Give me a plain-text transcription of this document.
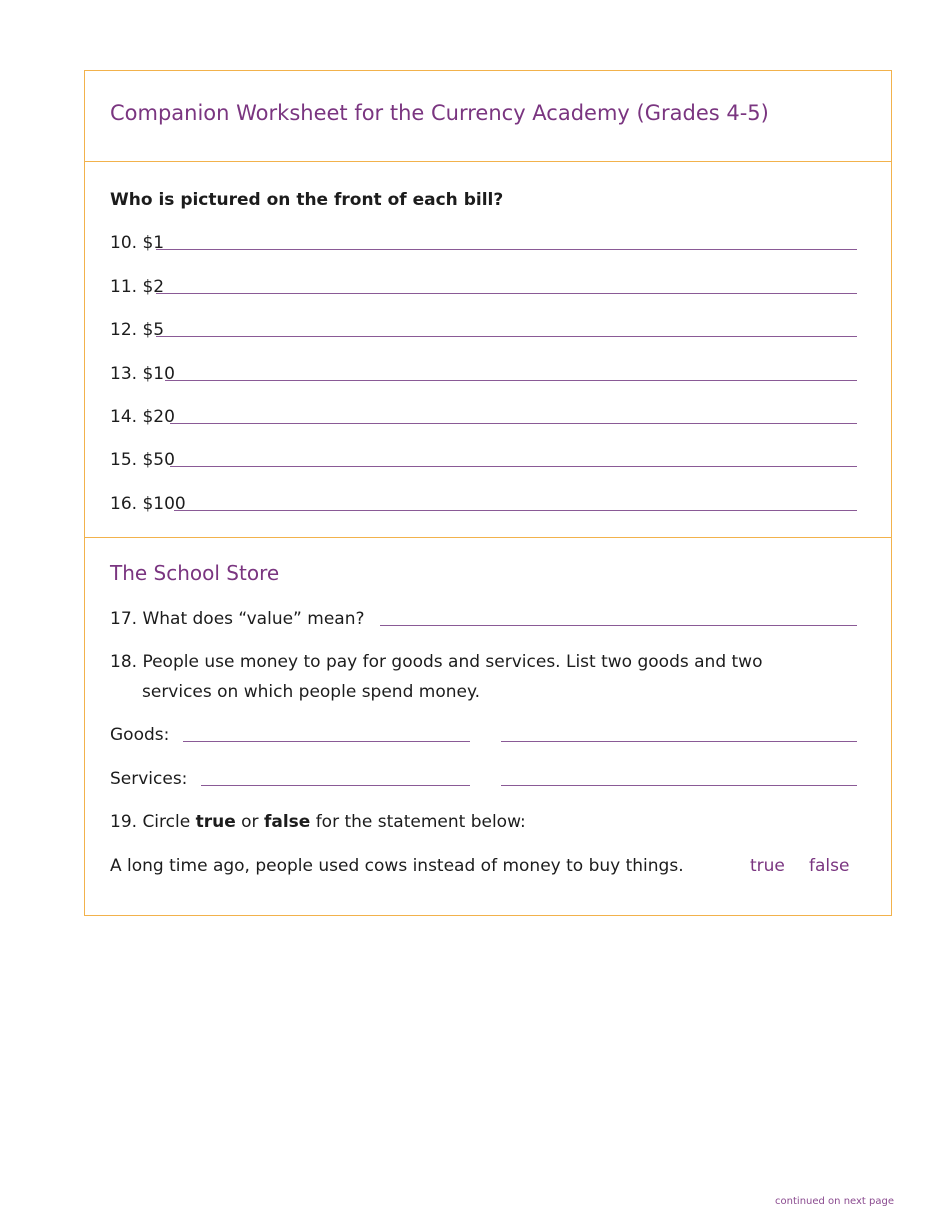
Companion Worksheet for the Currency Academy (Grades 4-5)
Who is pictured on the front of each bill?
10. $1
11. $2
12. $5
13. $10
14. $20
15. $50
16. $100
The School Store
17. What does “value” mean?
18. People use money to pay for goods and services. List two goods and two
services on which people spend money.
Goods:
Services:
19. Circle true or false for the statement below:
A long time ago, people used cows instead of money to buy things.	true false
continued on next page
